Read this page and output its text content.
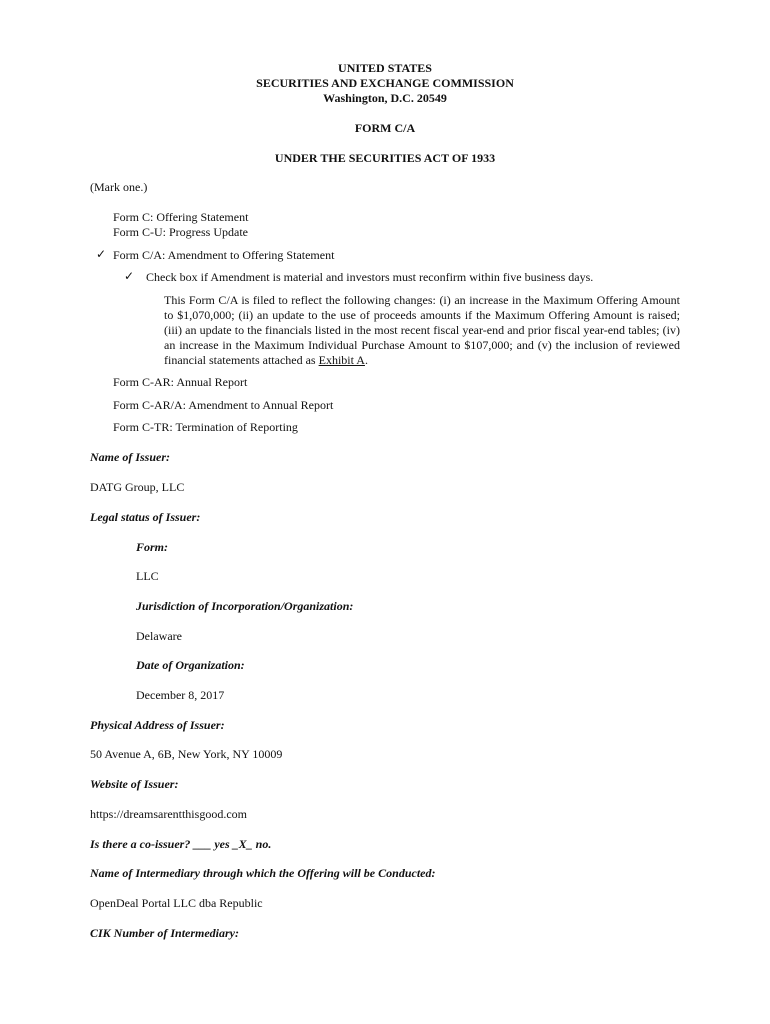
UNITED STATES
SECURITIES AND EXCHANGE COMMISSION
Washington, D.C. 20549
FORM C/A
UNDER THE SECURITIES ACT OF 1933
(Mark one.)
Form C: Offering Statement
Form C-U: Progress Update
✓ Form C/A: Amendment to Offering Statement
✓ Check box if Amendment is material and investors must reconfirm within five business days.
This Form C/A is filed to reflect the following changes: (i) an increase in the Maximum Offering Amount to $1,070,000; (ii) an update to the use of proceeds amounts if the Maximum Offering Amount is raised; (iii) an update to the financials listed in the most recent fiscal year-end and prior fiscal year-end tables; (iv) an increase in the Maximum Individual Purchase Amount to $107,000; and (v) the inclusion of reviewed financial statements attached as Exhibit A.
Form C-AR: Annual Report
Form C-AR/A: Amendment to Annual Report
Form C-TR: Termination of Reporting
Name of Issuer:
DATG Group, LLC
Legal status of Issuer:
Form:
LLC
Jurisdiction of Incorporation/Organization:
Delaware
Date of Organization:
December 8, 2017
Physical Address of Issuer:
50 Avenue A, 6B, New York, NY 10009
Website of Issuer:
https://dreamsarentthisgood.com
Is there a co-issuer? ___ yes _X_ no.
Name of Intermediary through which the Offering will be Conducted:
OpenDeal Portal LLC dba Republic
CIK Number of Intermediary:
